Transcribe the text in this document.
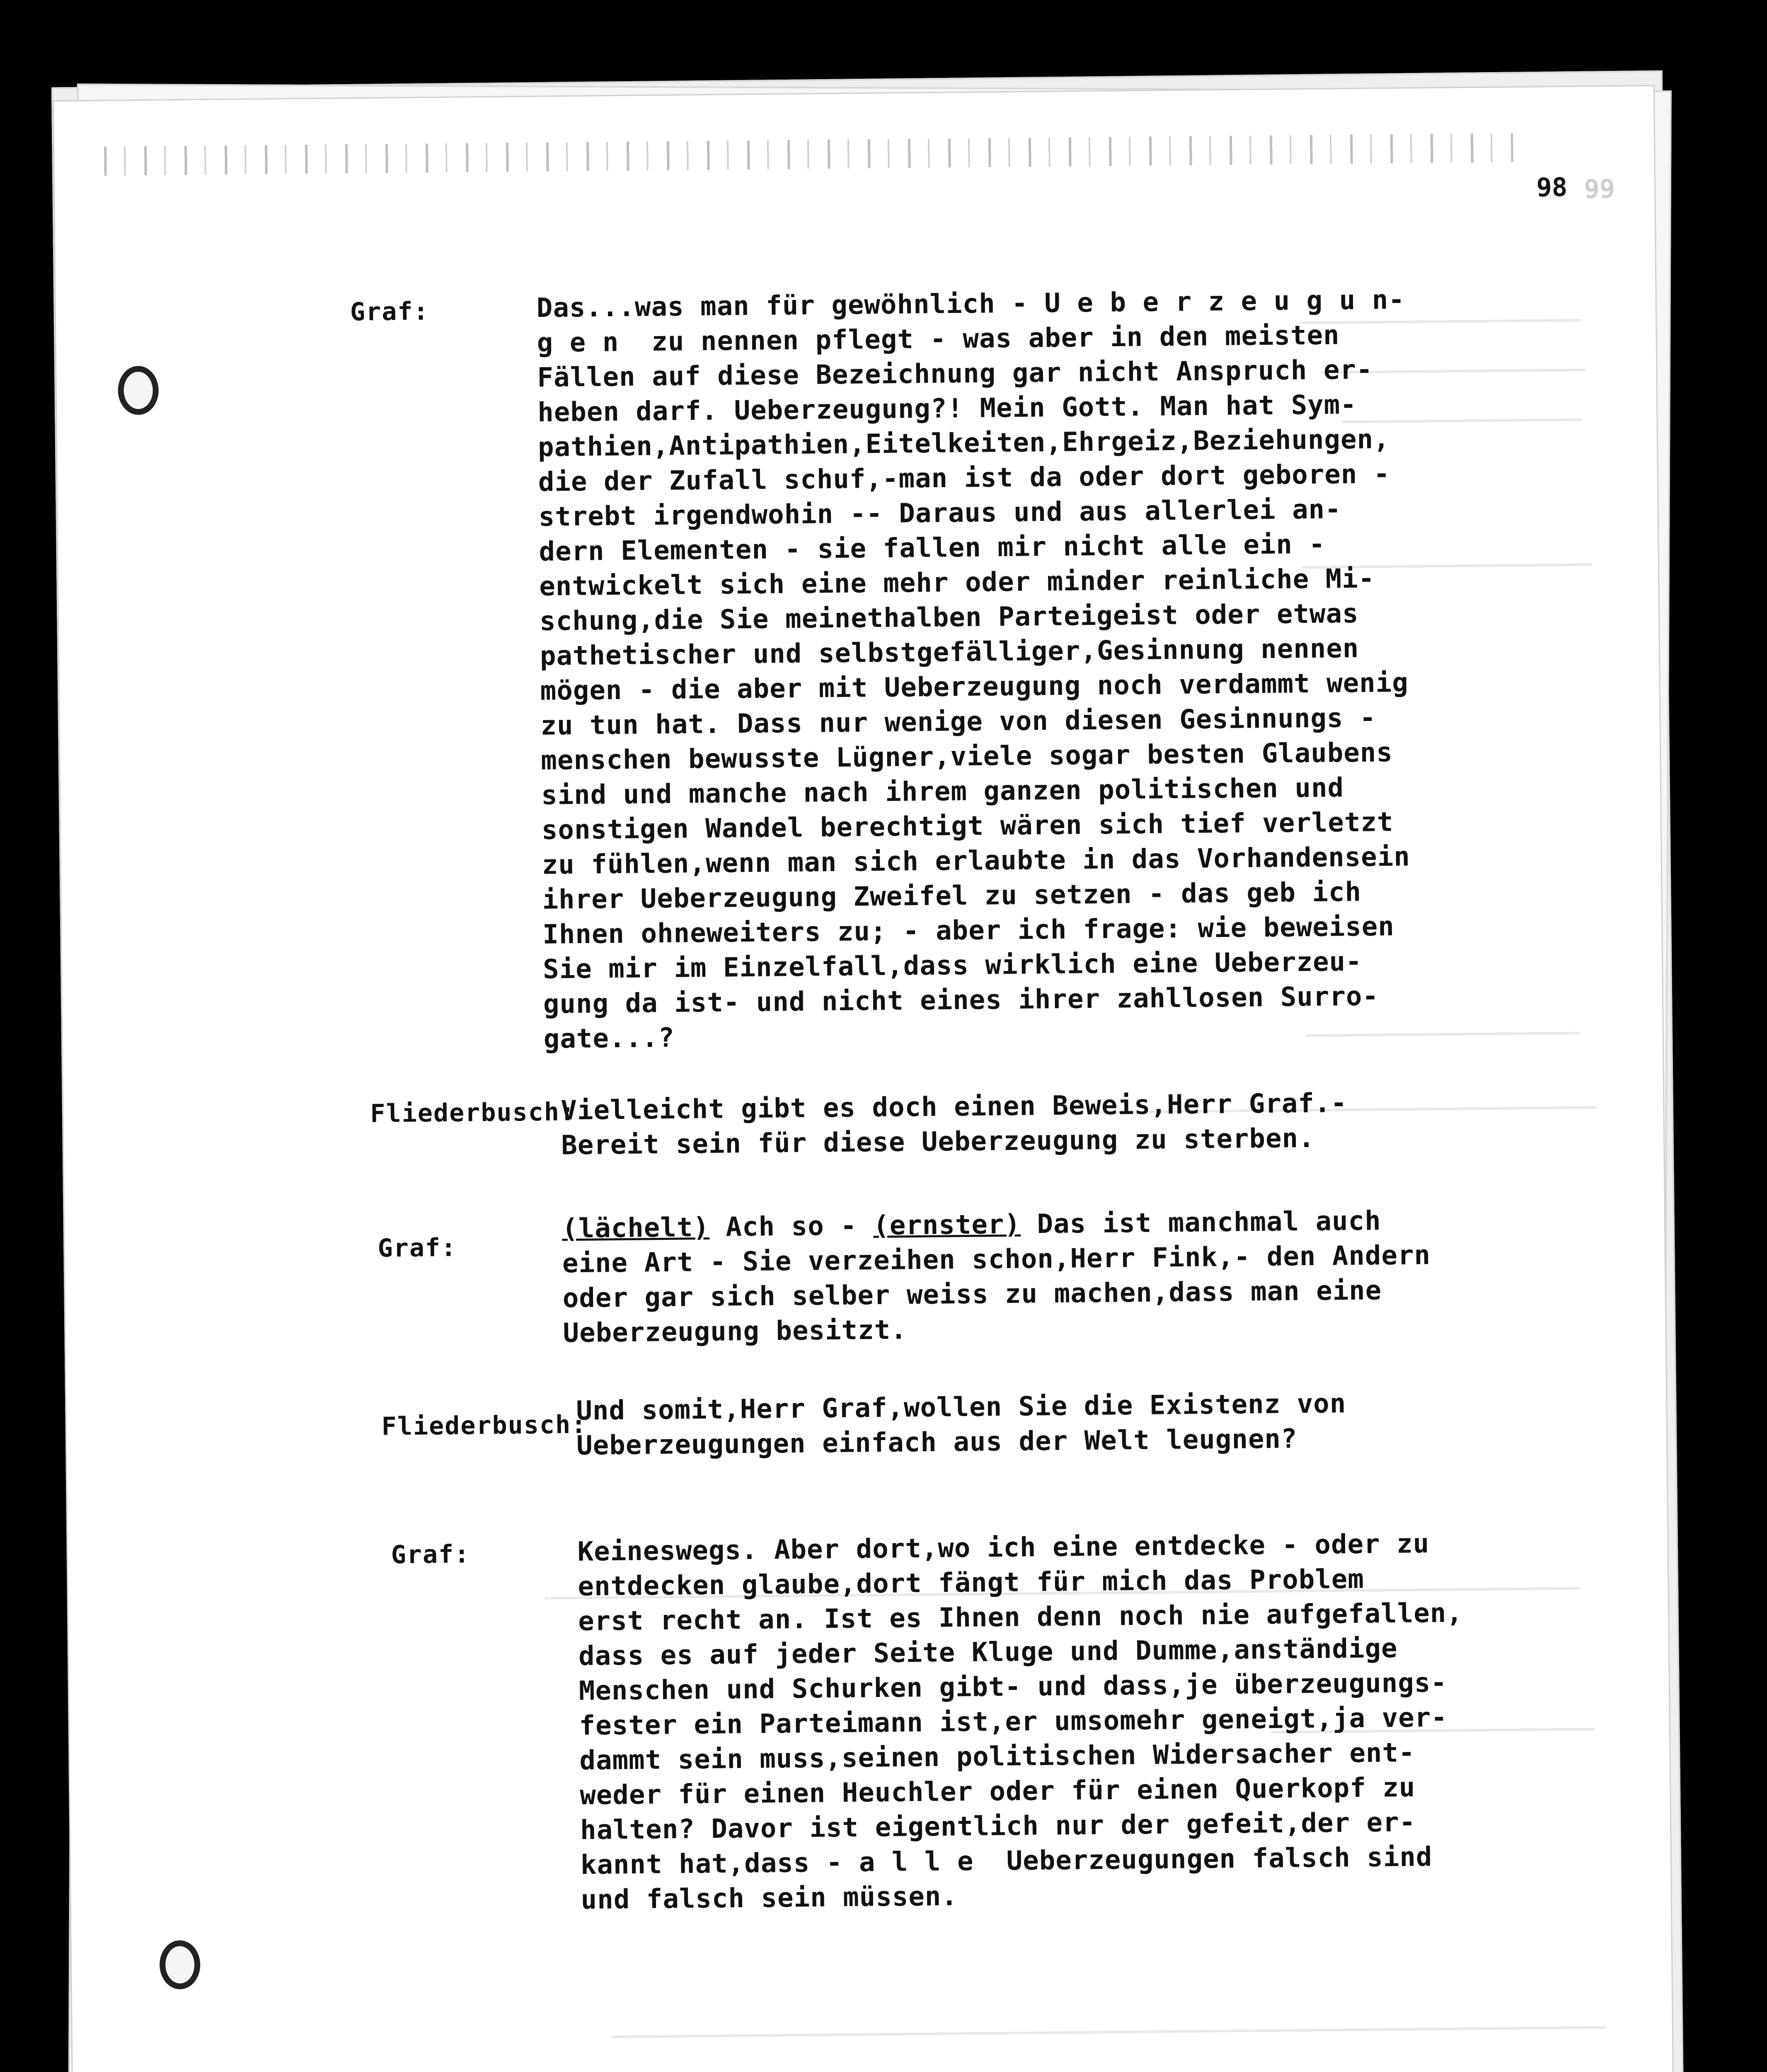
98 99
Graf:	Das...was man für gewöhnlich - U e b e r z e u g u n-
g e n  zu nennen pflegt - was aber in den meisten
Fällen auf diese Bezeichnung gar nicht Anspruch er-
heben darf. Ueberzeugung?! Mein Gott. Man hat Sym-
pathien,Antipathien,Eitelkeiten,Ehrgeiz,Beziehungen,
die der Zufall schuf,-man ist da oder dort geboren -
strebt irgendwohin -- Daraus und aus allerlei an-
dern Elementen - sie fallen mir nicht alle ein -
entwickelt sich eine mehr oder minder reinliche Mi-
schung,die Sie meinethalben Parteigeist oder etwas
pathetischer und selbstgefälliger,Gesinnung nennen
mögen - die aber mit Ueberzeugung noch verdammt wenig
zu tun hat. Dass nur wenige von diesen Gesinnungs -
menschen bewusste Lügner,viele sogar besten Glaubens
sind und manche nach ihrem ganzen politischen und
sonstigen Wandel berechtigt wären sich tief verletzt
zu fühlen,wenn man sich erlaubte in das Vorhandensein
ihrer Ueberzeugung Zweifel zu setzen - das geb ich
Ihnen ohneweiters zu; - aber ich frage: wie beweisen
Sie mir im Einzelfall,dass wirklich eine Ueberzeu-
gung da ist- und nicht eines ihrer zahllosen Surro-
gate...?
Fliederbusch:
Vielleicht gibt es doch einen Beweis,Herr Graf.-
Bereit sein für diese Ueberzeugung zu sterben.
Graf:
(lächelt) Ach so - (ernster) Das ist manchmal auch
eine Art - Sie verzeihen schon,Herr Fink,- den Andern
oder gar sich selber weiss zu machen,dass man eine
Ueberzeugung besitzt.
Fliederbusch:
Und somit,Herr Graf,wollen Sie die Existenz von
Ueberzeugungen einfach aus der Welt leugnen?
Graf:	Keineswegs. Aber dort,wo ich eine entdecke - oder zu
entdecken glaube,dort fängt für mich das Problem
erst recht an. Ist es Ihnen denn noch nie aufgefallen,
dass es auf jeder Seite Kluge und Dumme,anständige
Menschen und Schurken gibt- und dass,je überzeugungs-
fester ein Parteimann ist,er umsomehr geneigt,ja ver-
dammt sein muss,seinen politischen Widersacher ent-
weder für einen Heuchler oder für einen Querkopf zu
halten? Davor ist eigentlich nur der gefeit,der er-
kannt hat,dass - a l l e  Ueberzeugungen falsch sind
und falsch sein müssen.
